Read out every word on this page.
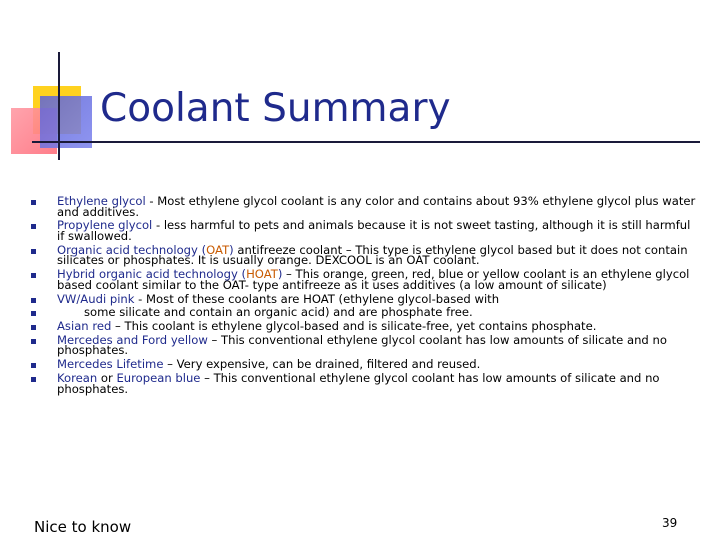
Coolant Summary
Ethylene glycol - Most ethylene glycol coolant is any color and contains about 93% ethylene glycol plus water and additives.
Propylene glycol - less harmful to pets and animals because it is not sweet tasting, although it is still harmful if swallowed.
Organic acid technology (OAT) antifreeze coolant – This type is ethylene glycol based but it does not contain silicates or phosphates. It is usually orange. DEXCOOL is an OAT coolant.
Hybrid organic acid technology (HOAT) – This orange, green, red, blue or yellow coolant is an ethylene glycol based coolant similar to the OAT- type antifreeze as it uses additives (a low amount of silicate)
VW/Audi pink - Most of these coolants are HOAT (ethylene glycol-based with
some silicate and contain an organic acid) and are phosphate free.
Asian red – This coolant is ethylene glycol-based and is silicate-free, yet contains phosphate.
Mercedes and Ford yellow – This conventional ethylene glycol coolant has low amounts of silicate and no phosphates.
Mercedes Lifetime – Very expensive, can be drained, filtered and reused.
Korean or European blue – This conventional ethylene glycol coolant has low amounts of silicate and no phosphates.
Nice to know	39
